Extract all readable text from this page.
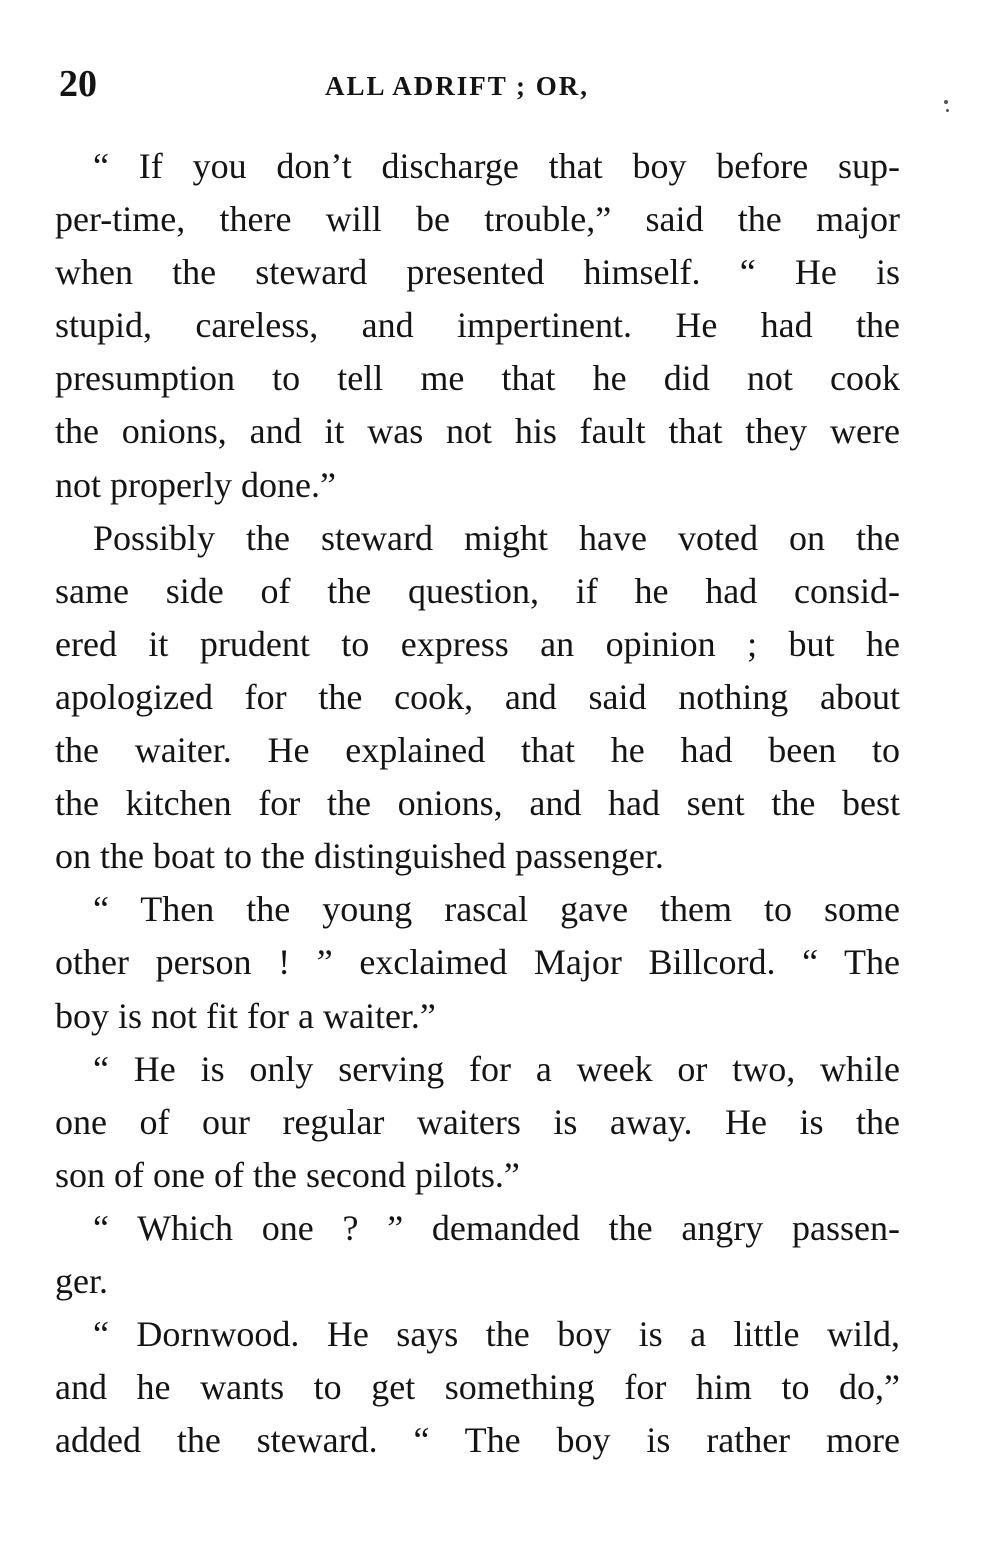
20	ALL ADRIFT ; OR,
“ If you don’t discharge that boy before sup-
per-time, there will be trouble,” said the major
when the steward presented himself. “ He is
stupid, careless, and impertinent. He had the
presumption to tell me that he did not cook
the onions, and it was not his fault that they were
not properly done.”
Possibly the steward might have voted on the
same side of the question, if he had consid-
ered it prudent to express an opinion ; but he
apologized for the cook, and said nothing about
the waiter. He explained that he had been to
the kitchen for the onions, and had sent the best
on the boat to the distinguished passenger.
“ Then the young rascal gave them to some
other person ! ” exclaimed Major Billcord. “ The
boy is not fit for a waiter.”
“ He is only serving for a week or two, while
one of our regular waiters is away. He is the
son of one of the second pilots.”
“ Which one ? ” demanded the angry passen-
ger.
“ Dornwood. He says the boy is a little wild,
and he wants to get something for him to do,”
added the steward. “ The boy is rather more
